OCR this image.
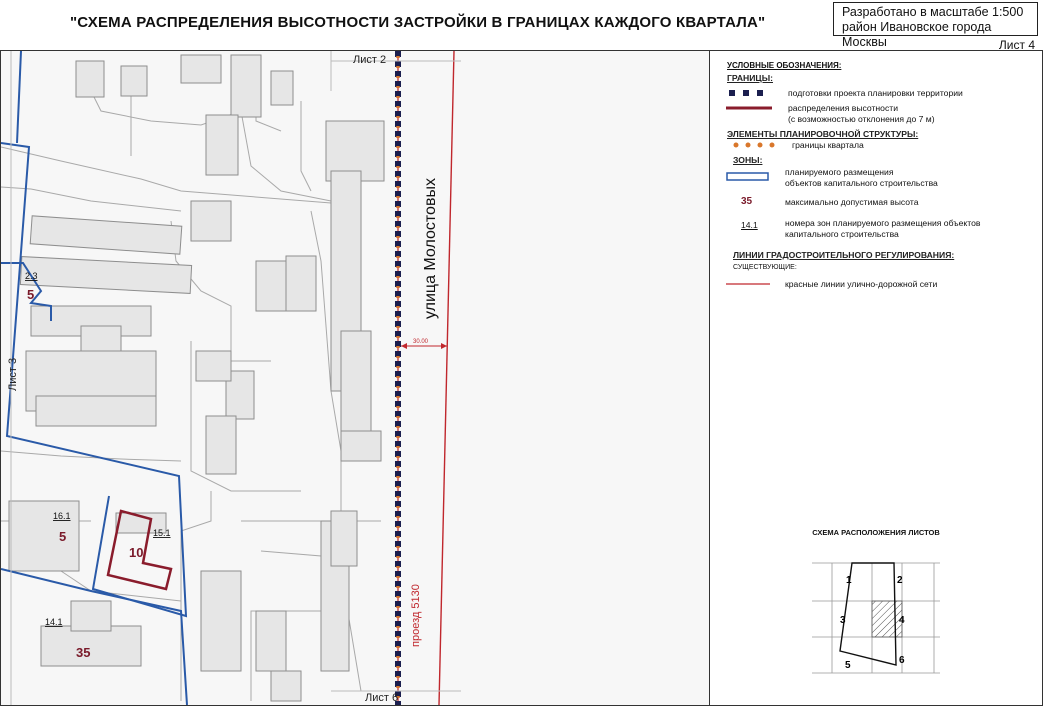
"СХЕМА РАСПРЕДЕЛЕНИЯ ВЫСОТНОСТИ ЗАСТРОЙКИ В ГРАНИЦАХ КАЖДОГО КВАРТАЛА"
Разработано в масштабе 1:500
район Ивановское города Москвы	Лист 4
Лист 2
Лист 6
Лист 3
улица Молостовых
проезд 5130
30.00
2.3
5
16.1
5	15.1
10
14.1
35
УСЛОВНЫЕ ОБОЗНАЧЕНИЯ:
ГРАНИЦЫ:
подготовки проекта планировки территории
распределения высотности
(с возможностью отклонения до 7 м)
ЭЛЕМЕНТЫ ПЛАНИРОВОЧНОЙ СТРУКТУРЫ:
границы квартала
ЗОНЫ:
планируемого размещения
объектов капитального строительства
35	максимально допустимая высота
14.1	номера зон планируемого размещения объектов
капитального строительства
ЛИНИИ ГРАДОСТРОИТЕЛЬНОГО РЕГУЛИРОВАНИЯ:
СУЩЕСТВУЮЩИЕ:
красные линии улично-дорожной сети
СХЕМА РАСПОЛОЖЕНИЯ ЛИСТОВ
1	2
3	4
5	6
